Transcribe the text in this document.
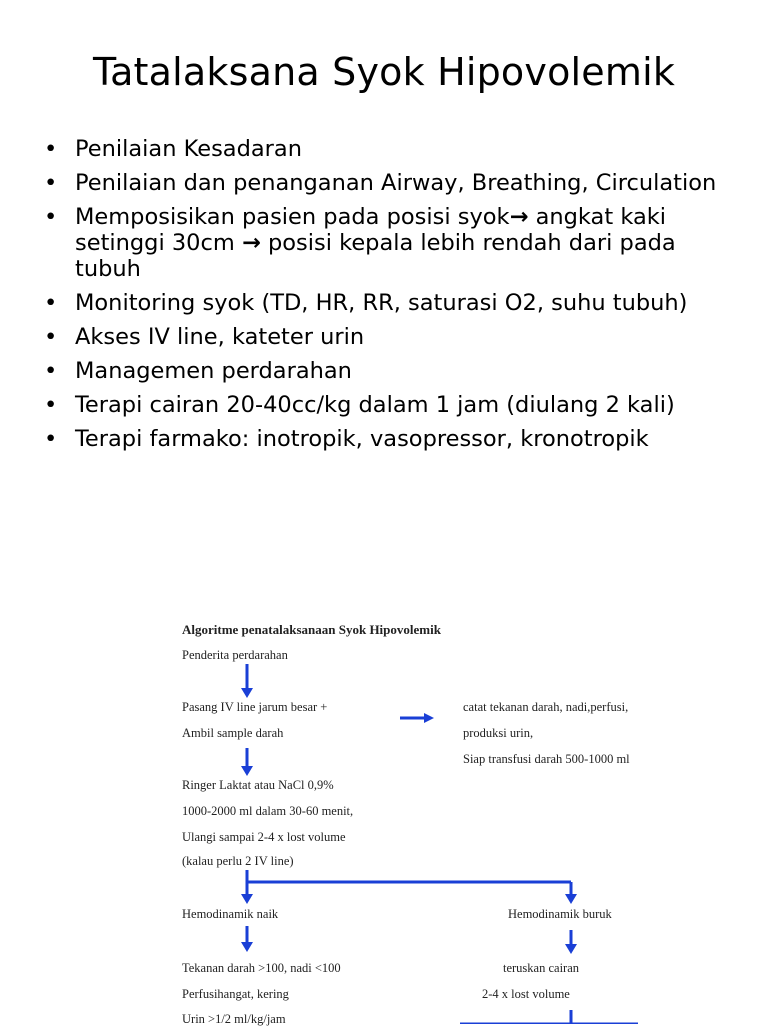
Tatalaksana Syok Hipovolemik
• Penilaian Kesadaran
• Penilaian dan penanganan Airway, Breathing, Circulation
• Memposisikan pasien pada posisi syok→ angkat kaki setinggi 30cm → posisi kepala lebih rendah dari pada tubuh
• Monitoring syok (TD, HR, RR, saturasi O2, suhu tubuh)
• Akses IV line, kateter urin
• Managemen perdarahan
• Terapi cairan 20-40cc/kg dalam 1 jam (diulang 2 kali)
• Terapi farmako: inotropik, vasopressor, kronotropik
Algoritme penatalaksanaan Syok Hipovolemik
Penderita perdarahan
Pasang IV line jarum besar +
Ambil sample darah
catat tekanan darah, nadi,perfusi,
produksi urin,
Siap transfusi darah 500-1000 ml
Ringer Laktat atau NaCl 0,9%
1000-2000 ml dalam 30-60 menit,
Ulangi sampai 2-4 x lost volume
(kalau perlu 2 IV line)
Hemodinamik naik	Hemodinamik buruk
Tekanan darah >100, nadi <100
Perfusihangat, kering
Urin >1/2 ml/kg/jam
teruskan cairan
2-4 x lost volume
